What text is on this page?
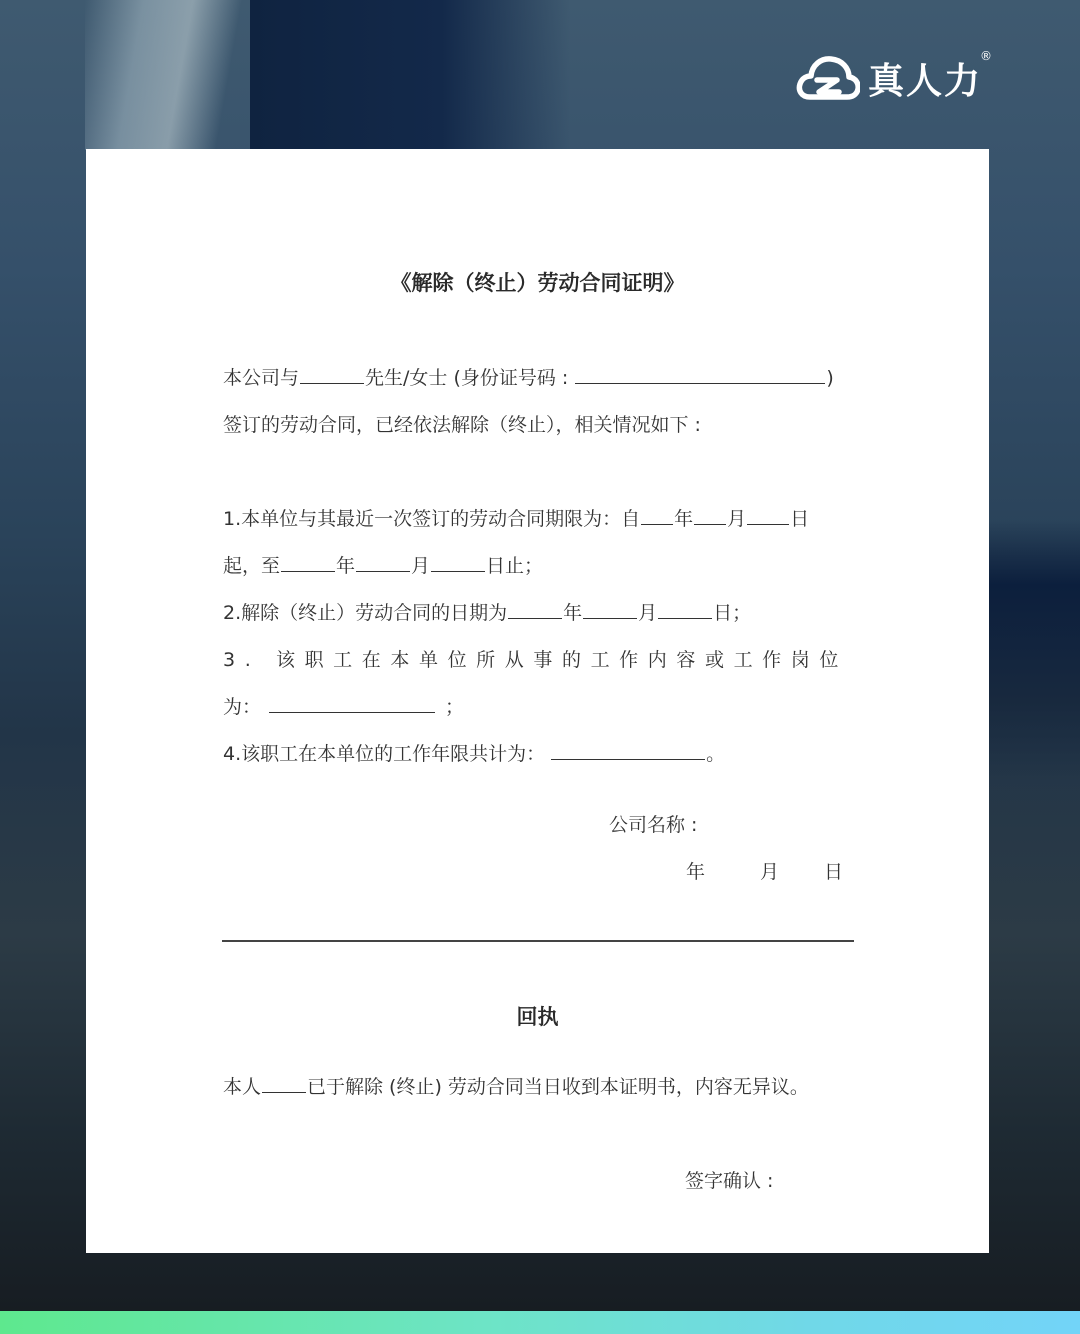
真人力
®
《解除（终止）劳动合同证明》
本公司与	先生/女士 (身份证号码 :	)
签订的劳动合同，已经依法解除（终止），相关情况如下 :
1.本单位与其最近一次签订的劳动合同期限为：自 年 月 日
起，至	年	月	日止；
2.解除（终止）劳动合同的日期为	年	月	日；
3. 该职工在本单位所从事的工作内容或工作岗位
为：	；
4.该职工在本单位的工作年限共计为：	。
公司名称 :
年	月 日
回执
本人 已于解除 (终止) 劳动合同当日收到本证明书，内容无异议。
签字确认 :
